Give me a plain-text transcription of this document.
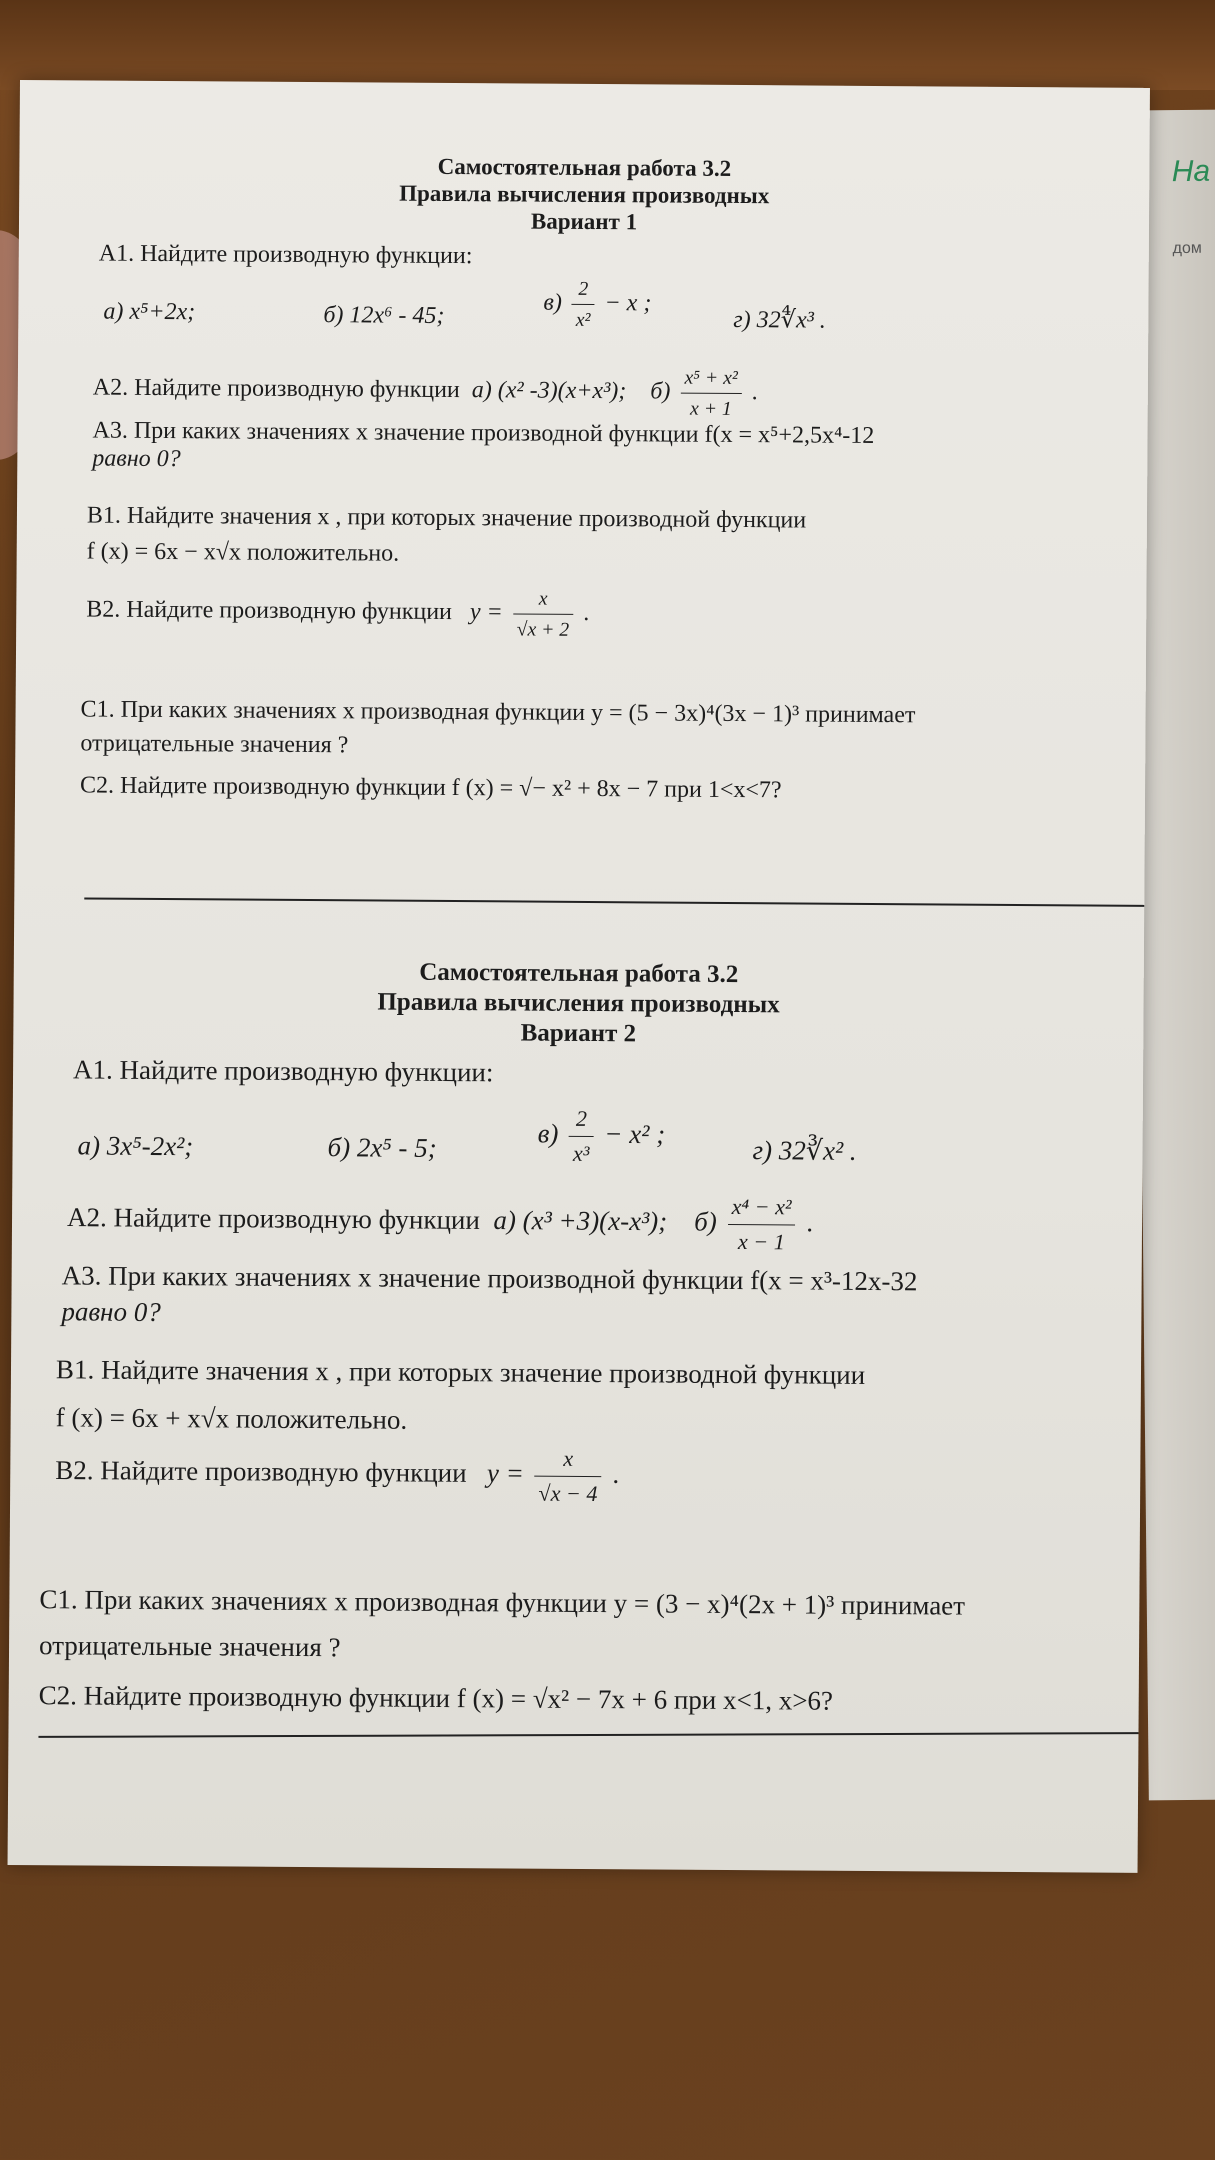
На
дом
Самостоятельная работа 3.2
Правила вычисления производных
Вариант 1
А1. Найдите производную функции:
а) x⁵+2x;	б) 12x⁶ - 45;	$в) \frac{2}{\text{x²}} - x$ ;
г) 32∜x³ .
А2. Найдите производную функции а) (x² -3)(x+x³); $б) \frac{\text{x⁵ + x²}}{x + 1}$ .
А3. При каких значениях x значение производной функции f(x = x⁵+2,5x⁴-12
равно 0?
В1. Найдите значения x , при которых значение производной функции
f (x) = 6x − x√x положительно.
В2. Найдите производную функции $y = \frac{x}{√x + 2}$ .
С1. При каких значениях x производная функции y = (5 − 3x)⁴(3x − 1)³ принимает
отрицательные значения ?
С2. Найдите производную функции f (x) = √− x² + 8x − 7 при 1<x<7?
Самостоятельная работа 3.2
Правила вычисления производных
Вариант 2
А1. Найдите производную функции:
а) 3x⁵-2x²;	б) 2x⁵ - 5;	$в) \frac{2}{\text{x³}} - x^2$ ;
г) 32∛x² .
А2. Найдите производную функции а) (x³ +3)(x-x³); $б) \frac{\text{x⁴ − x²}}{x - 1}$ .
А3. При каких значениях x значение производной функции f(x = x³-12x-32
равно 0?
В1. Найдите значения x , при которых значение производной функции
f (x) = 6x + x√x положительно.
В2. Найдите производную функции $y = \frac{x}{√x - 4}$ .
С1. При каких значениях x производная функции y = (3 − x)⁴(2x + 1)³ принимает
отрицательные значения ?
С2. Найдите производную функции f (x) = √x² − 7x + 6 при x<1, x>6?
